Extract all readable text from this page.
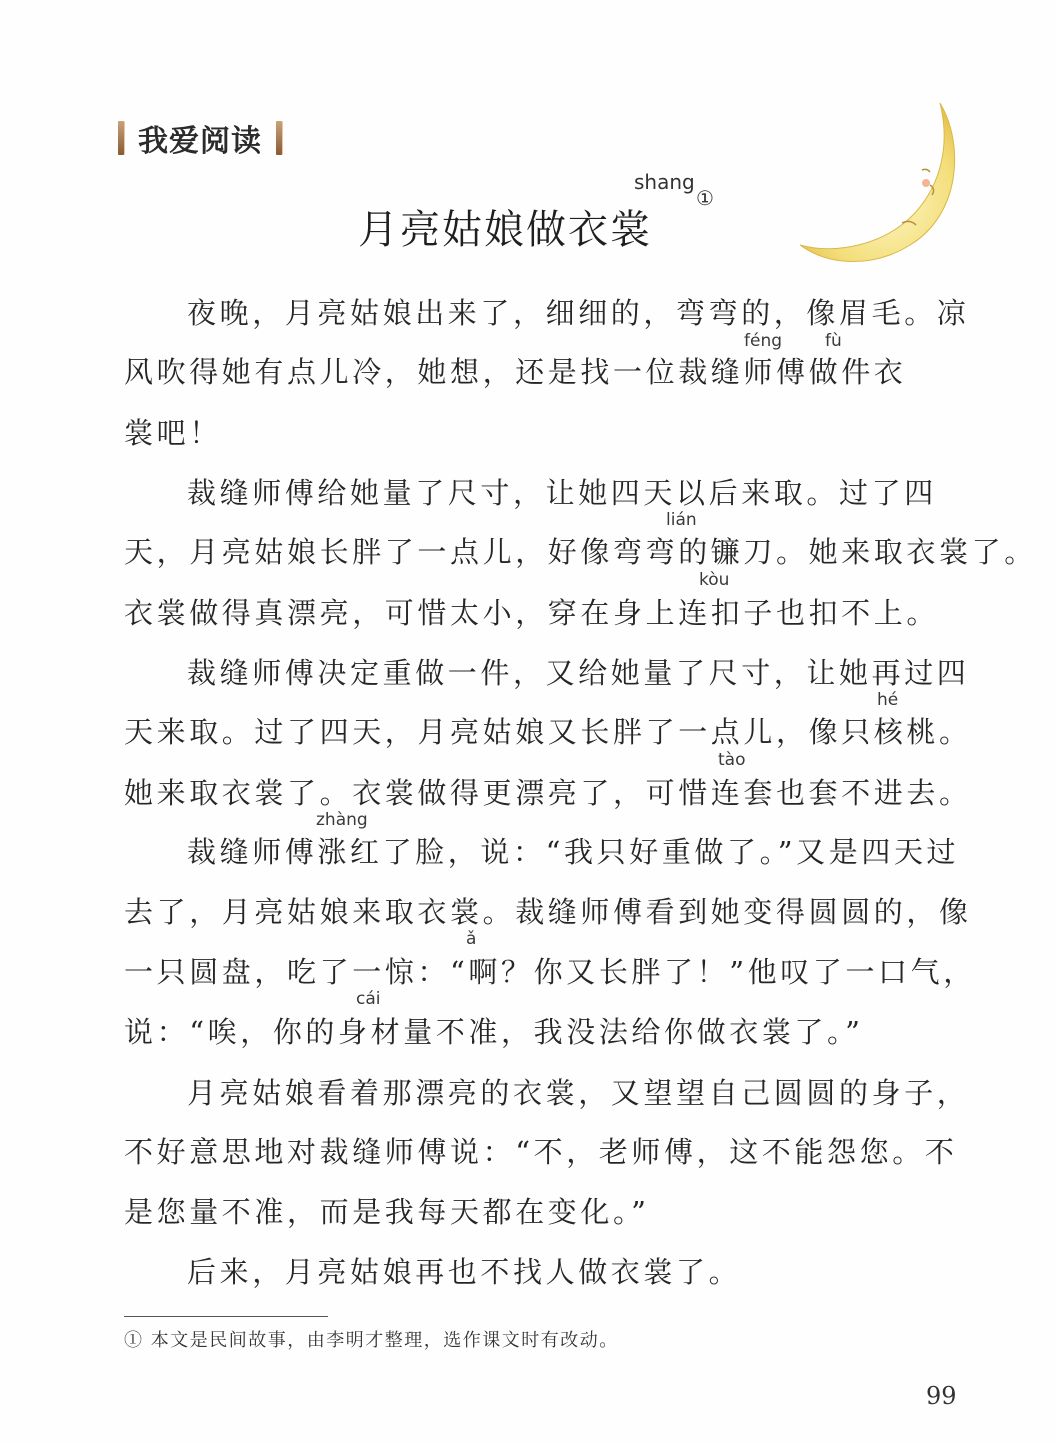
我爱阅读
月亮姑娘做衣裳
shang
①
夜晚，月亮姑娘出来了，细细的，弯弯的，像眉毛。凉
féng	fù
风吹得她有点儿冷，她想，还是找一位裁缝师傅做件衣
裳吧！
裁缝师傅给她量了尺寸，让她四天以后来取。过了四
lián
天，月亮姑娘长胖了一点儿，好像弯弯的镰刀。她来取衣裳了。
kòu
衣裳做得真漂亮，可惜太小，穿在身上连扣子也扣不上。
裁缝师傅决定重做一件，又给她量了尺寸，让她再过四
hé
天来取。过了四天，月亮姑娘又长胖了一点儿，像只核桃。
tào
她来取衣裳了。衣裳做得更漂亮了，可惜连套也套不进去。
zhàng
裁缝师傅涨红了脸，说：“我只好重做了。”又是四天过
去了，月亮姑娘来取衣裳。裁缝师傅看到她变得圆圆的，像
ǎ
一只圆盘，吃了一惊：“啊？你又长胖了！”他叹了一口气，
cái
说：“唉，你的身材量不准，我没法给你做衣裳了。”
月亮姑娘看着那漂亮的衣裳，又望望自己圆圆的身子，
不好意思地对裁缝师傅说：“不，老师傅，这不能怨您。不
是您量不准，而是我每天都在变化。”
后来，月亮姑娘再也不找人做衣裳了。
① 本文是民间故事，由李明才整理，选作课文时有改动。
99
